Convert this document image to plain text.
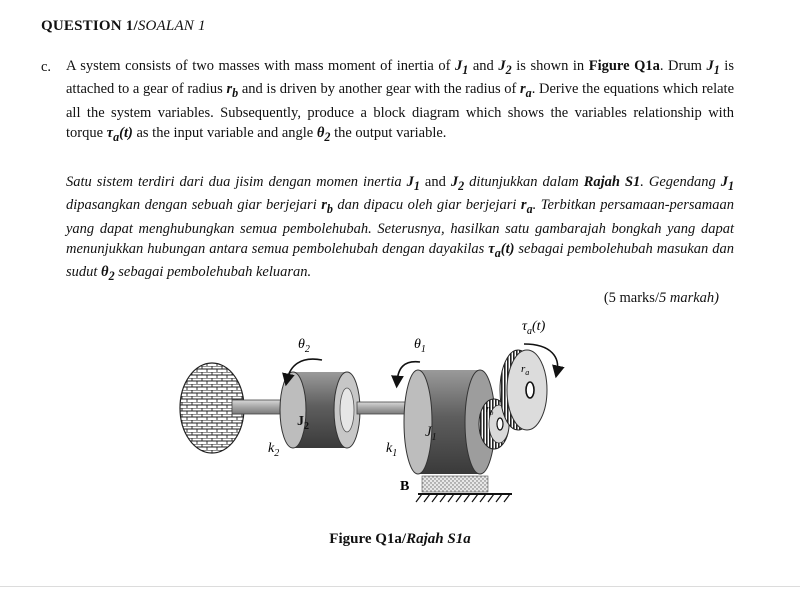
QUESTION 1/SOALAN 1
c. A system consists of two masses with mass moment of inertia of $J_1$ and $J_2$ is shown in Figure Q1a. Drum $J_1$ is attached to a gear of radius $r_b$ and is driven by another gear with the radius of $r_a$. Derive the equations which relate all the system variables. Subsequently, produce a block diagram which shows the variables relationship with torque $\tau_a(t)$ as the input variable and angle $\theta_2$ the output variable.

Satu sistem terdiri dari dua jisim dengan momen inertia $J_1$ and $J_2$ ditunjukkan dalam Rajah S1. Gegendang $J_1$ dipasangkan dengan sebuah giar berjejari $r_b$ dan dipacu oleh giar berjejari $r_a$. Terbitkan persamaan-persamaan yang dapat menghubungkan semua pembolehubah. Seterusnya, hasilkan satu gambarajah bongkah yang dapat menunjukkan hubungan antara semua pembolehubah dengan dayakilas $\tau_a(t)$ sebagai pembolehubah masukan dan sudut $\theta_2$ sebagai pembolehubah keluaran.

(5 marks/5 markah)
$\theta_2$	$\theta_1$
$\tau_a(t)$
$J_2$	$J_1$
$k_2$	$k_1$
B
$r_a$
$r_b$
Figure Q1a/Rajah S1a
